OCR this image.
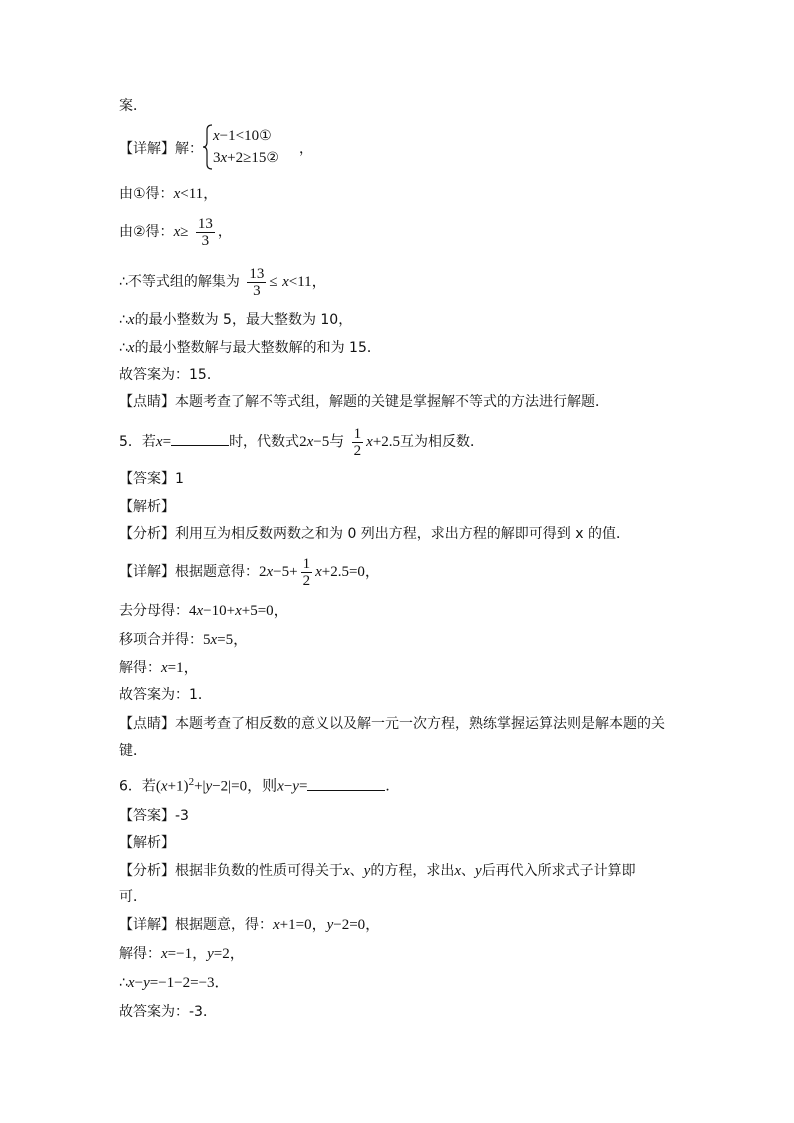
案．
【详解】解：
x−1<10①
3x+2≥15②
，
由①得：x<11，
由②得：$x\ge \frac{13}{3}$ ，
∴不等式组的解集为 $\frac{13}{3} \le x<11$，
∴x的最小整数为 5，最大整数为 10，
∴x的最小整数解与最大整数解的和为 15．
故答案为：15．
【点睛】本题考查了解不等式组，解题的关键是掌握解不等式的方法进行解题．
5．若x=	时，代数式2x−5与 $\frac{1}{2} x+2.5$互为相反数．
【答案】1
【解析】
【分析】利用互为相反数两数之和为 0 列出方程，求出方程的解即可得到 x 的值．
【详解】根据题意得：$2x-5+ \frac{1}{2} x+2.5=0$，
去分母得：4x−10+x+5=0，
移项合并得：5x=5，
解得：x=1，
故答案为：1．
【点睛】本题考查了相反数的意义以及解一元一次方程，熟练掌握运算法则是解本题的关
键．
6．若$(x+1)^2+|y-2|=0$，则x−y=	．
【答案】-3
【解析】
【分析】根据非负数的性质可得关于x、y的方程，求出x、y后再代入所求式子计算即
可．
【详解】根据题意，得：x+1=0，y−2=0，
解得：x=−1，y=2，
∴x−y=−1−2=−3．
故答案为：-3．
